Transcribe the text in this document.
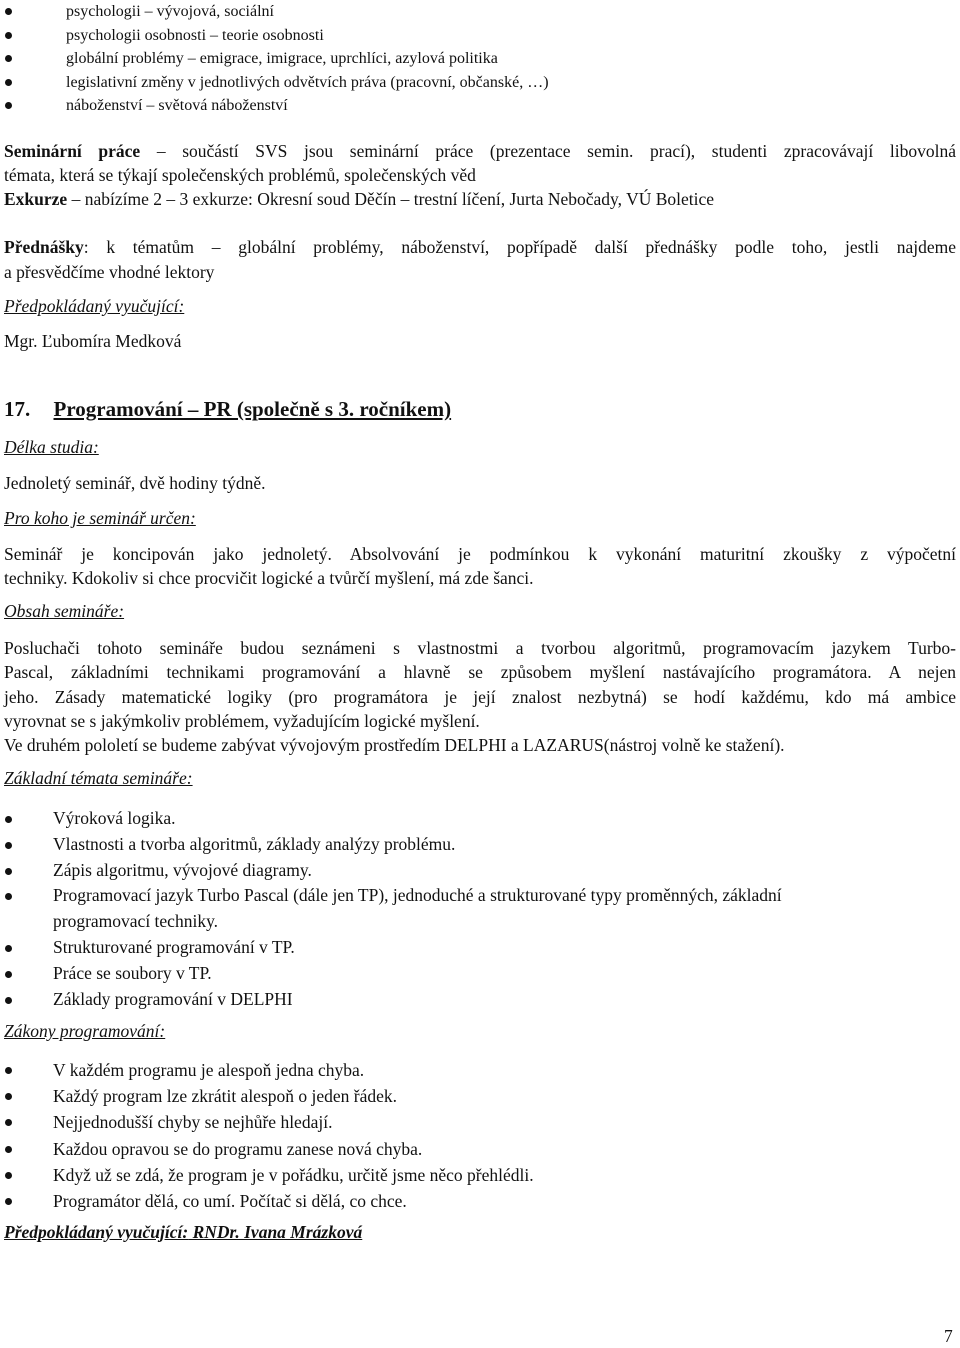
psychologii – vývojová, sociální
psychologii osobnosti – teorie osobnosti
globální problémy – emigrace, imigrace, uprchlíci, azylová politika
legislativní změny v jednotlivých odvětvích práva (pracovní, občanské, …)
náboženství – světová náboženství
Seminární práce – součástí SVS jsou seminární práce (prezentace semin. prací), studenti zpracovávají libovolná
témata, která se týkají společenských problémů, společenských věd
Exkurze – nabízíme 2 – 3 exkurze: Okresní soud Děčín – trestní líčení, Jurta Nebočady, VÚ Boletice
Přednášky: k tématům – globální problémy, náboženství, popřípadě další přednášky podle toho, jestli najdeme
a přesvědčíme vhodné lektory
Předpokládaný vyučující:
Mgr. Ľubomíra Medková
17. Programování – PR (společně s 3. ročníkem)
Délka studia:
Jednoletý seminář, dvě hodiny týdně.
Pro koho je seminář určen:
Seminář je koncipován jako jednoletý. Absolvování je podmínkou k vykonání maturitní zkoušky z výpočetní
techniky. Kdokoliv si chce procvičit logické a tvůrčí myšlení, má zde šanci.
Obsah semináře:
Posluchači tohoto semináře budou seznámeni s vlastnostmi a tvorbou algoritmů, programovacím jazykem Turbo-
Pascal, základními technikami programování a hlavně se způsobem myšlení nastávajícího programátora. A nejen
jeho. Zásady matematické logiky (pro programátora je její znalost nezbytná) se hodí každému, kdo má ambice
vyrovnat se s jakýmkoliv problémem, vyžadujícím logické myšlení.
Ve druhém pololetí se budeme zabývat vývojovým prostředím DELPHI a LAZARUS(nástroj volně ke stažení).
Základní témata semináře:
Výroková logika.
Vlastnosti a tvorba algoritmů, základy analýzy problému.
Zápis algoritmu, vývojové diagramy.
Programovací jazyk Turbo Pascal (dále jen TP), jednoduché a strukturované typy proměnných, základní
programovací techniky.
Strukturované programování v TP.
Práce se soubory v TP.
Základy programování v DELPHI
Zákony programování:
V každém programu je alespoň jedna chyba.
Každý program lze zkrátit alespoň o jeden řádek.
Nejjednodušší chyby se nejhůře hledají.
Každou opravou se do programu zanese nová chyba.
Když už se zdá, že program je v pořádku, určitě jsme něco přehlédli.
Programátor dělá, co umí. Počítač si dělá, co chce.
Předpokládaný vyučující: RNDr. Ivana Mrázková
7
